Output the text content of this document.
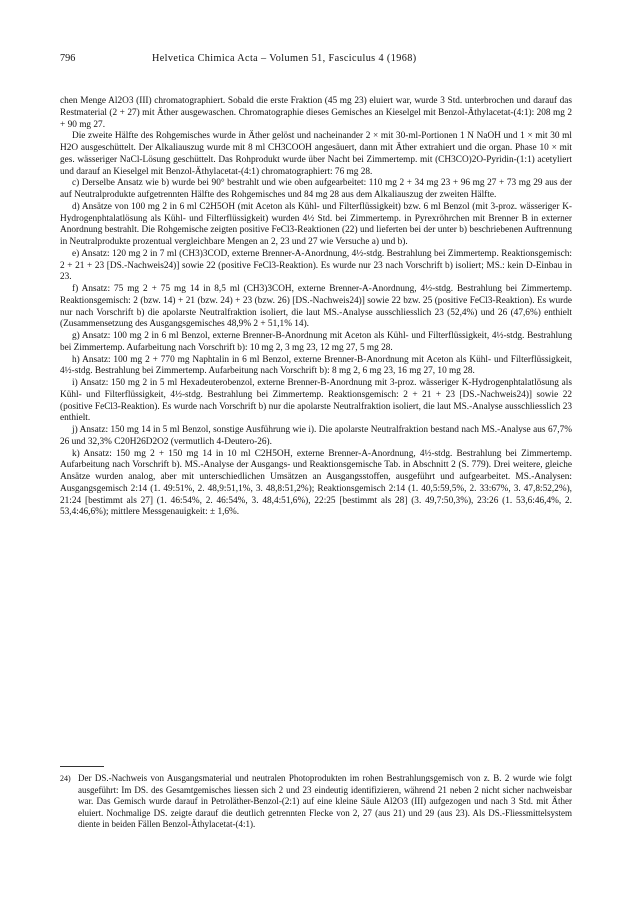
796	Helvetica Chimica Acta – Volumen 51, Fasciculus 4 (1968)

chen Menge Al2O3 (III) chromatographiert. Sobald die erste Fraktion (45 mg 23) eluiert war, wurde 3 Std. unterbrochen und darauf das Restmaterial (2 + 27) mit Äther ausgewaschen. Chromatographie dieses Gemisches an Kieselgel mit Benzol-Äthylacetat-(4:1): 208 mg 2 + 90 mg 27.

Die zweite Hälfte des Rohgemisches wurde in Äther gelöst und nacheinander 2 × mit 30-ml-Portionen 1 N NaOH und 1 × mit 30 ml H2O ausgeschüttelt. Der Alkaliauszug wurde mit 8 ml CH3COOH angesäuert, dann mit Äther extrahiert und die organ. Phase 10 × mit ges. wässeriger NaCl-Lösung geschüttelt. Das Rohprodukt wurde über Nacht bei Zimmertemp. mit (CH3CO)2O-Pyridin-(1:1) acetyliert und darauf an Kieselgel mit Benzol-Äthylacetat-(4:1) chromatographiert: 76 mg 28.

c) Derselbe Ansatz wie b) wurde bei 90° bestrahlt und wie oben aufgearbeitet: 110 mg 2 + 34 mg 23 + 96 mg 27 + 73 mg 29 aus der auf Neutralprodukte aufgetrennten Hälfte des Rohgemisches und 84 mg 28 aus dem Alkaliauszug der zweiten Hälfte.

d) Ansätze von 100 mg 2 in 6 ml C2H5OH (mit Aceton als Kühl- und Filterflüssigkeit) bzw. 6 ml Benzol (mit 3-proz. wässeriger K-Hydrogenphtalatlösung als Kühl- und Filterflüssigkeit) wurden 4½ Std. bei Zimmertemp. in Pyrexröhrchen mit Brenner B in externer Anordnung bestrahlt. Die Rohgemische zeigten positive FeCl3-Reaktionen (22) und lieferten bei der unter b) beschriebenen Auftrennung in Neutralprodukte prozentual vergleichbare Mengen an 2, 23 und 27 wie Versuche a) und b).

e) Ansatz: 120 mg 2 in 7 ml (CH3)3COD, externe Brenner-A-Anordnung, 4½-stdg. Bestrahlung bei Zimmertemp. Reaktionsgemisch: 2 + 21 + 23 [DS.-Nachweis24)] sowie 22 (positive FeCl3-Reaktion). Es wurde nur 23 nach Vorschrift b) isoliert; MS.: kein D-Einbau in 23.

f) Ansatz: 75 mg 2 + 75 mg 14 in 8,5 ml (CH3)3COH, externe Brenner-A-Anordnung, 4½-stdg. Bestrahlung bei Zimmertemp. Reaktionsgemisch: 2 (bzw. 14) + 21 (bzw. 24) + 23 (bzw. 26) [DS.-Nachweis24)] sowie 22 bzw. 25 (positive FeCl3-Reaktion). Es wurde nur nach Vorschrift b) die apolarste Neutralfraktion isoliert, die laut MS.-Analyse ausschliesslich 23 (52,4%) und 26 (47,6%) enthielt (Zusammensetzung des Ausgangsgemisches 48,9% 2 + 51,1% 14).

g) Ansatz: 100 mg 2 in 6 ml Benzol, externe Brenner-B-Anordnung mit Aceton als Kühl- und Filterflüssigkeit, 4½-stdg. Bestrahlung bei Zimmertemp. Aufarbeitung nach Vorschrift b): 10 mg 2, 3 mg 23, 12 mg 27, 5 mg 28.

h) Ansatz: 100 mg 2 + 770 mg Naphtalin in 6 ml Benzol, externe Brenner-B-Anordnung mit Aceton als Kühl- und Filterflüssigkeit, 4½-stdg. Bestrahlung bei Zimmertemp. Aufarbeitung nach Vorschrift b): 8 mg 2, 6 mg 23, 16 mg 27, 10 mg 28.

i) Ansatz: 150 mg 2 in 5 ml Hexadeuterobenzol, externe Brenner-B-Anordnung mit 3-proz. wässeriger K-Hydrogenphtalatlösung als Kühl- und Filterflüssigkeit, 4½-stdg. Bestrahlung bei Zimmertemp. Reaktionsgemisch: 2 + 21 + 23 [DS.-Nachweis24)] sowie 22 (positive FeCl3-Reaktion). Es wurde nach Vorschrift b) nur die apolarste Neutralfraktion isoliert, die laut MS.-Analyse ausschliesslich 23 enthielt.

j) Ansatz: 150 mg 14 in 5 ml Benzol, sonstige Ausführung wie i). Die apolarste Neutralfraktion bestand nach MS.-Analyse aus 67,7% 26 und 32,3% C20H26D2O2 (vermutlich 4-Deutero-26).

k) Ansatz: 150 mg 2 + 150 mg 14 in 10 ml C2H5OH, externe Brenner-A-Anordnung, 4½-stdg. Bestrahlung bei Zimmertemp. Aufarbeitung nach Vorschrift b). MS.-Analyse der Ausgangs- und Reaktionsgemische Tab. in Abschnitt 2 (S. 779). Drei weitere, gleiche Ansätze wurden analog, aber mit unterschiedlichen Umsätzen an Ausgangsstoffen, ausgeführt und aufgearbeitet. MS.-Analysen: Ausgangsgemisch 2:14 (1. 49:51%, 2. 48,9:51,1%, 3. 48,8:51,2%); Reaktionsgemisch 2:14 (1. 40,5:59,5%, 2. 33:67%, 3. 47,8:52,2%), 21:24 [bestimmt als 27] (1. 46:54%, 2. 46:54%, 3. 48,4:51,6%), 22:25 [bestimmt als 28] (3. 49,7:50,3%), 23:26 (1. 53,6:46,4%, 2. 53,4:46,6%); mittlere Messgenauigkeit: ± 1,6%.

24) Der DS.-Nachweis von Ausgangsmaterial und neutralen Photoprodukten im rohen Bestrahlungsgemisch von z. B. 2 wurde wie folgt ausgeführt: Im DS. des Gesamtgemisches liessen sich 2 und 23 eindeutig identifizieren, während 21 neben 2 nicht sicher nachweisbar war. Das Gemisch wurde darauf in Petroläther-Benzol-(2:1) auf eine kleine Säule Al2O3 (III) aufgezogen und nach 3 Std. mit Äther eluiert. Nochmalige DS. zeigte darauf die deutlich getrennten Flecke von 2, 27 (aus 21) und 29 (aus 23). Als DS.-Fliessmittelsystem diente in beiden Fällen Benzol-Äthylacetat-(4:1).
